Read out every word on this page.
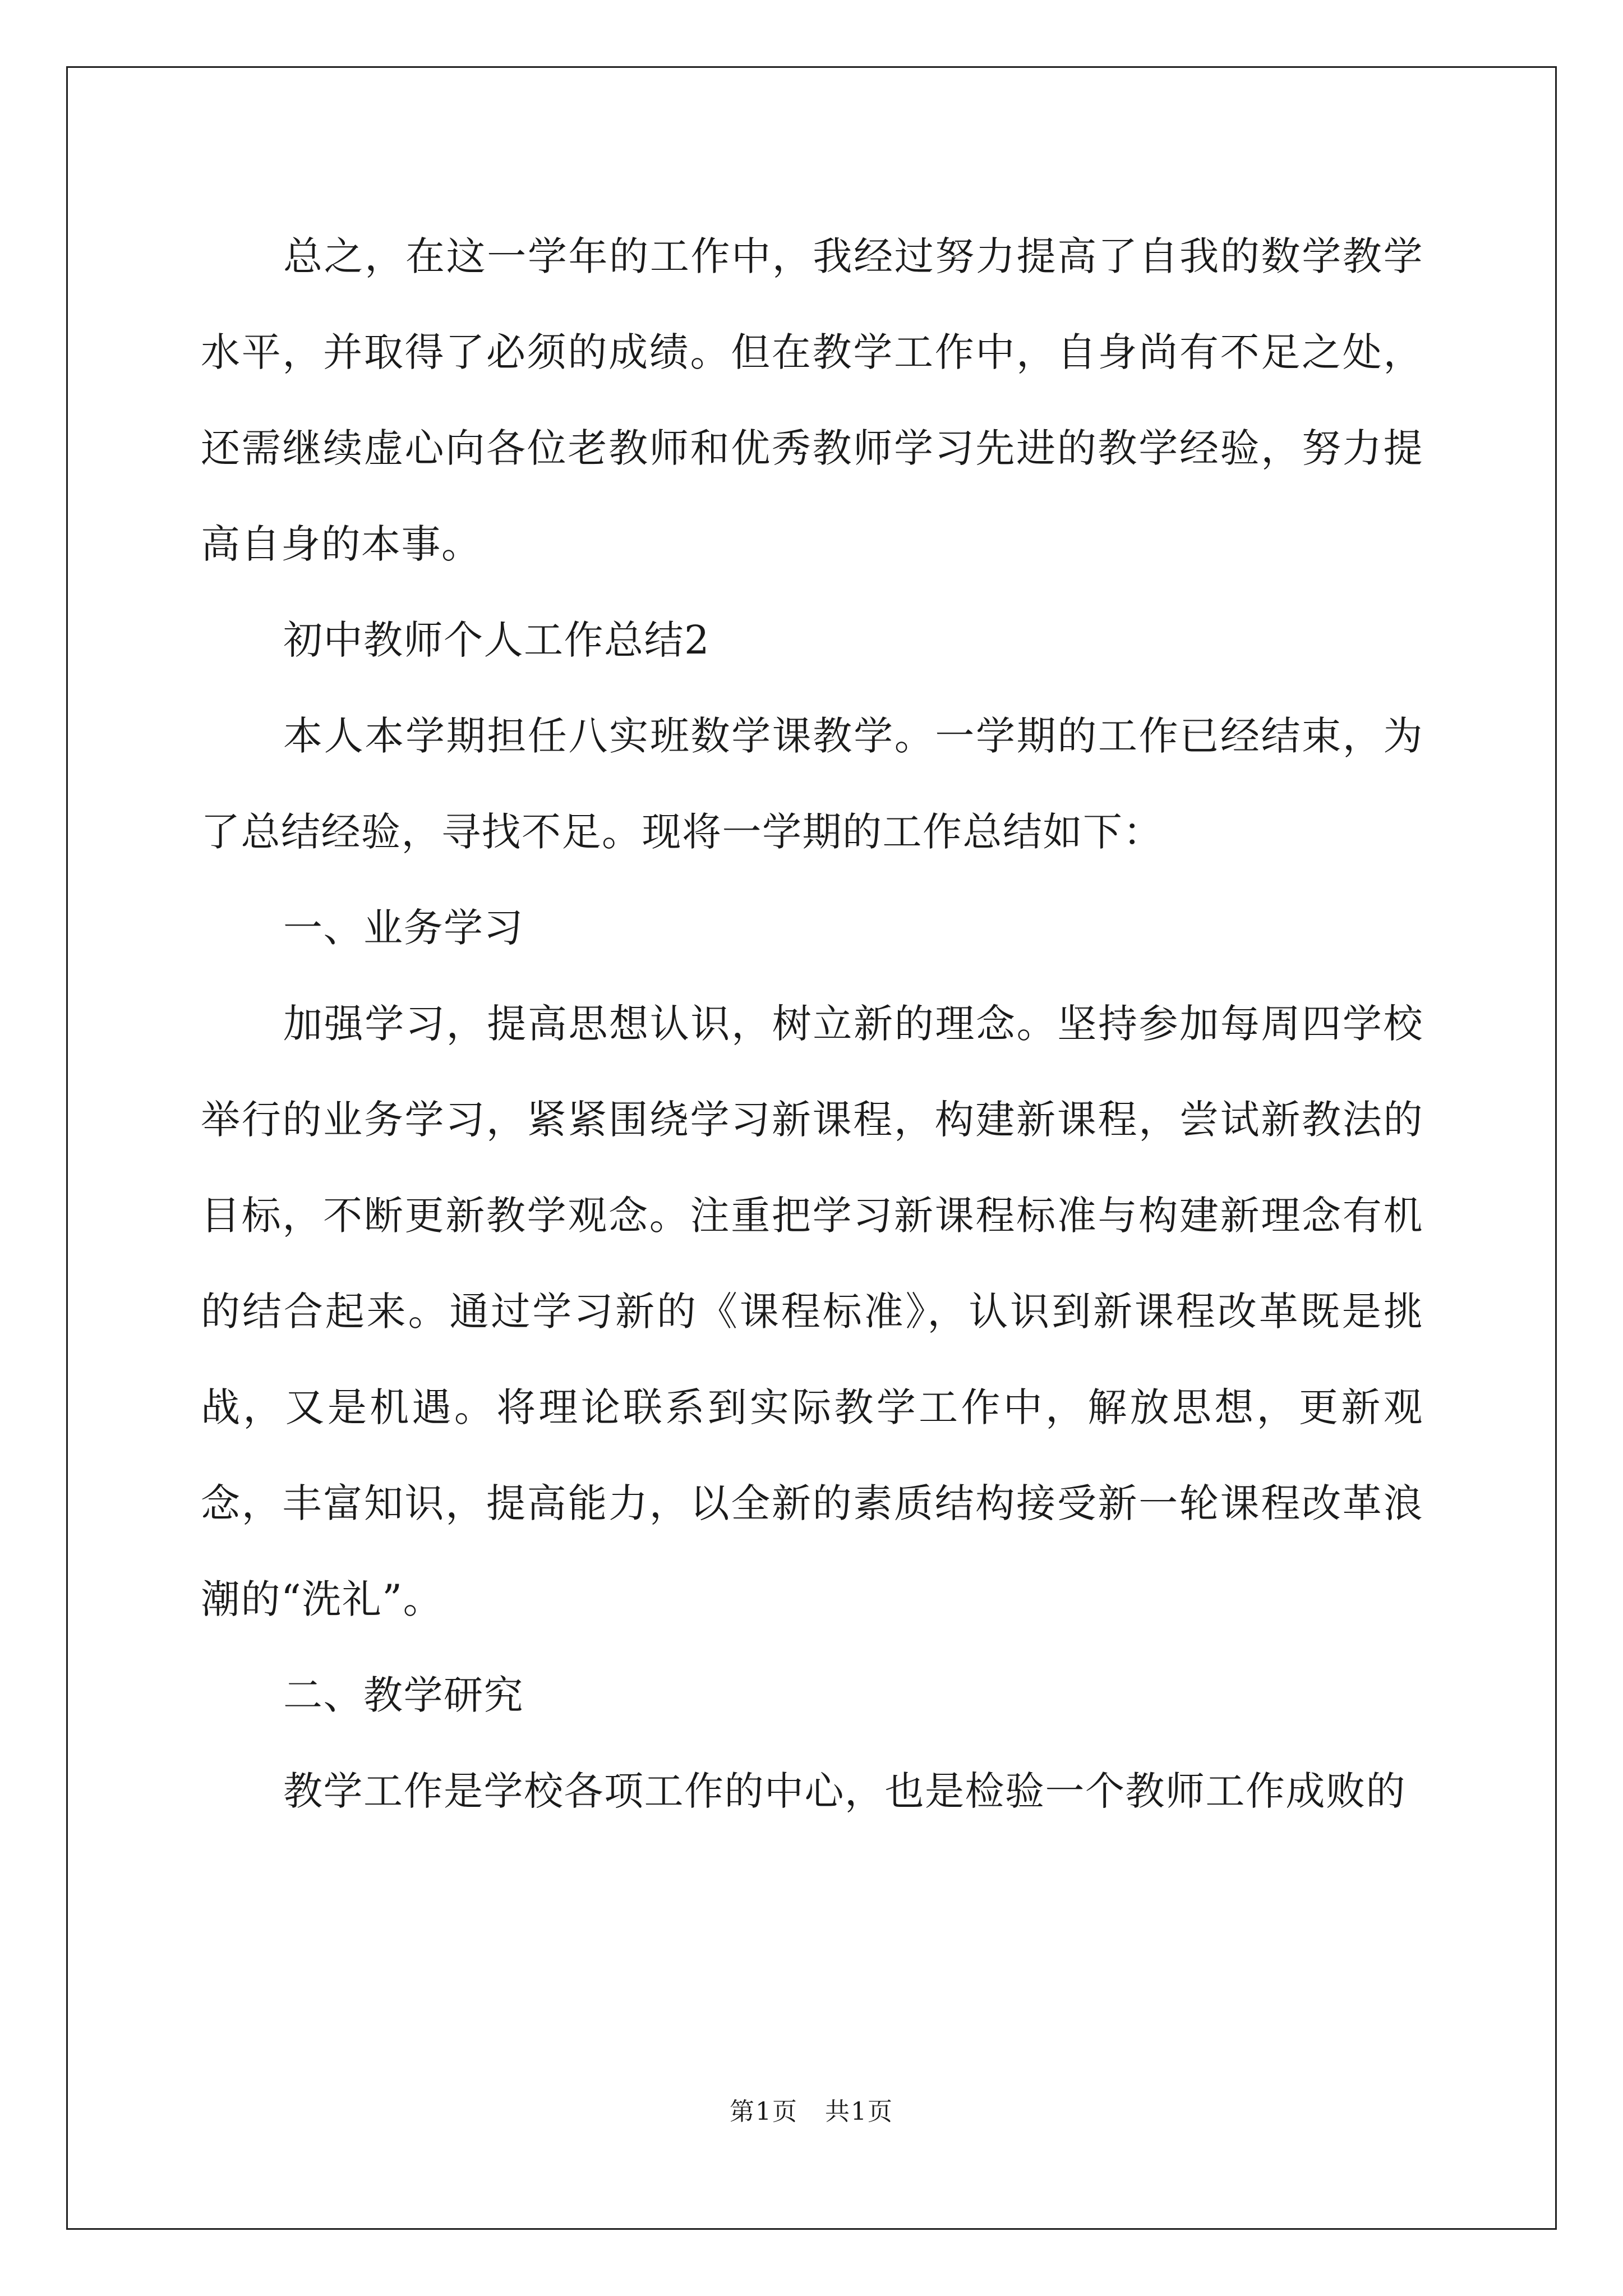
总之，在这一学年的工作中，我经过努力提高了自我的数学教学水平，并取得了必须的成绩。但在教学工作中，自身尚有不足之处，还需继续虚心向各位老教师和优秀教师学习先进的教学经验，努力提高自身的本事。

初中教师个人工作总结2

本人本学期担任八实班数学课教学。一学期的工作已经结束，为了总结经验，寻找不足。现将一学期的工作总结如下：

一、业务学习

加强学习，提高思想认识，树立新的理念。坚持参加每周四学校举行的业务学习，紧紧围绕学习新课程，构建新课程，尝试新教法的目标，不断更新教学观念。注重把学习新课程标准与构建新理念有机的结合起来。通过学习新的《课程标准》，认识到新课程改革既是挑战，又是机遇。将理论联系到实际教学工作中，解放思想，更新观念，丰富知识，提高能力，以全新的素质结构接受新一轮课程改革浪潮的“洗礼”。

二、教学研究

教学工作是学校各项工作的中心，也是检验一个教师工作成败的

第1页 共1页
